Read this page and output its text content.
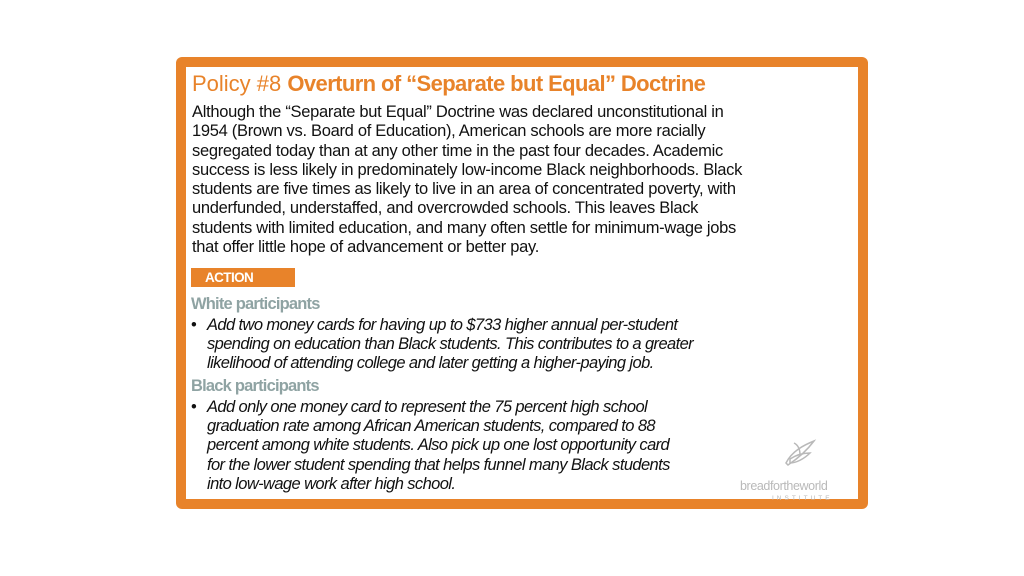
Policy #8 Overturn of “Separate but Equal” Doctrine
Although the “Separate but Equal” Doctrine was declared unconstitutional in
1954 (Brown vs. Board of Education), American schools are more racially
segregated today than at any other time in the past four decades. Academic
success is less likely in predominately low-income Black neighborhoods. Black
students are five times as likely to live in an area of concentrated poverty, with
underfunded, understaffed, and overcrowded schools. This leaves Black
students with limited education, and many often settle for minimum-wage jobs
that offer little hope of advancement or better pay.
ACTION
White participants
• Add two money cards for having up to $733 higher annual per-student
spending on education than Black students. This contributes to a greater
likelihood of attending college and later getting a higher-paying job.
Black participants
• Add only one money card to represent the 75 percent high school
graduation rate among African American students, compared to 88
percent among white students. Also pick up one lost opportunity card
for the lower student spending that helps funnel many Black students
into low-wage work after high school.	breadfortheworld
INSTITUTE
